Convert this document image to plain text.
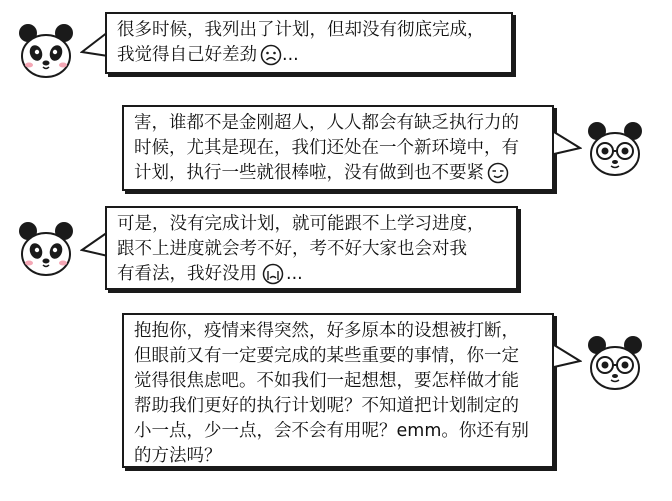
很多时候，我列出了计划，但却没有彻底完成，
我觉得自己好差劲 ...
害，谁都不是金刚超人，人人都会有缺乏执行力的
时候，尤其是现在，我们还处在一个新环境中，有
计划，执行一些就很棒啦，没有做到也不要紧
可是，没有完成计划，就可能跟不上学习进度，
跟不上进度就会考不好，考不好大家也会对我
有看法，我好没用 ...
抱抱你，疫情来得突然，好多原本的设想被打断，
但眼前又有一定要完成的某些重要的事情，你一定
觉得很焦虑吧。不如我们一起想想，要怎样做才能
帮助我们更好的执行计划呢？不知道把计划制定的
小一点，少一点，会不会有用呢？emm。你还有别
的方法吗？
